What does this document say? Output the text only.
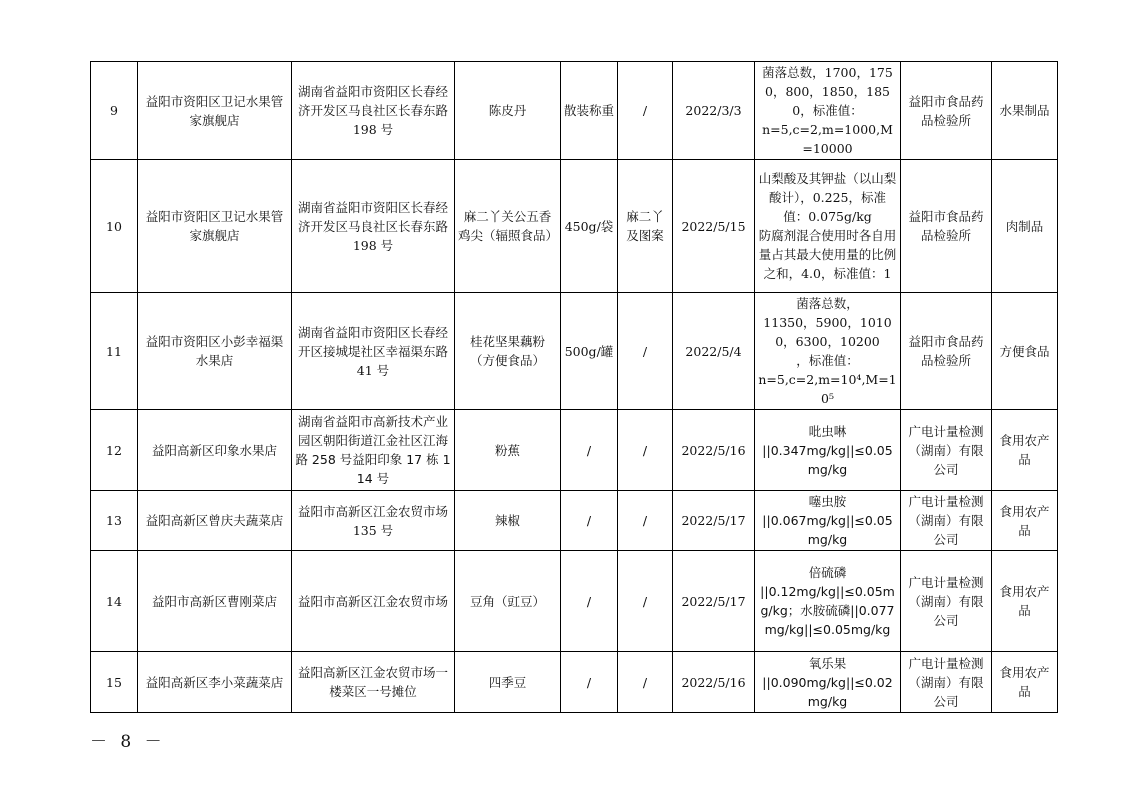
9	益阳市资阳区卫记水果管家旗舰店	湖南省益阳市资阳区长春经济开发区马良社区长春东路 198 号	陈皮丹	散装称重	/	2022/3/3	菌落总数，1700，1750，800，1850，1850，标准值：
n=5,c=2,m=1000,M=10000	益阳市食品药品检验所	水果制品
10	益阳市资阳区卫记水果管家旗舰店	湖南省益阳市资阳区长春经济开发区马良社区长春东路 198 号	麻二丫关公五香鸡尖（辐照食品）	450g/袋	麻二丫及图案	2022/5/15	山梨酸及其钾盐（以山梨酸计），0.225，标准值：0.075g/kg
防腐剂混合使用时各自用量占其最大使用量的比例之和，4.0，标准值：1	益阳市食品药品检验所	肉制品
11	益阳市资阳区小彭幸福渠水果店	湖南省益阳市资阳区长春经开区接城堤社区幸福渠东路 41 号	桂花坚果藕粉（方便食品）	500g/罐	/	2022/5/4	菌落总数，
11350，5900，10100，6300，10200
，标准值：
n=5,c=2,m=10⁴,M=10⁵	益阳市食品药品检验所	方便食品
12	益阳高新区印象水果店	湖南省益阳市高新技术产业园区朝阳街道江金社区江海路 258 号益阳印象 17 栋 114 号	粉蕉	/	/	2022/5/16	吡虫啉
||0.347mg/kg||≤0.05mg/kg	广电计量检测（湖南）有限公司	食用农产品
13	益阳高新区曾庆夫蔬菜店	益阳市高新区江金农贸市场 135 号	辣椒	/	/	2022/5/17	噻虫胺
||0.067mg/kg||≤0.05mg/kg	广电计量检测（湖南）有限公司	食用农产品
14	益阳市高新区曹刚菜店	益阳市高新区江金农贸市场	豆角（豇豆）	/	/	2022/5/17	倍硫磷
||0.12mg/kg||≤0.05mg/kg；水胺硫磷||0.077mg/kg||≤0.05mg/kg	广电计量检测（湖南）有限公司	食用农产品
15	益阳高新区李小菜蔬菜店	益阳高新区江金农贸市场一楼菜区一号摊位	四季豆	/	/	2022/5/16	氧乐果
||0.090mg/kg||≤0.02mg/kg	广电计量检测（湖南）有限公司	食用农产品
－ 8 －
